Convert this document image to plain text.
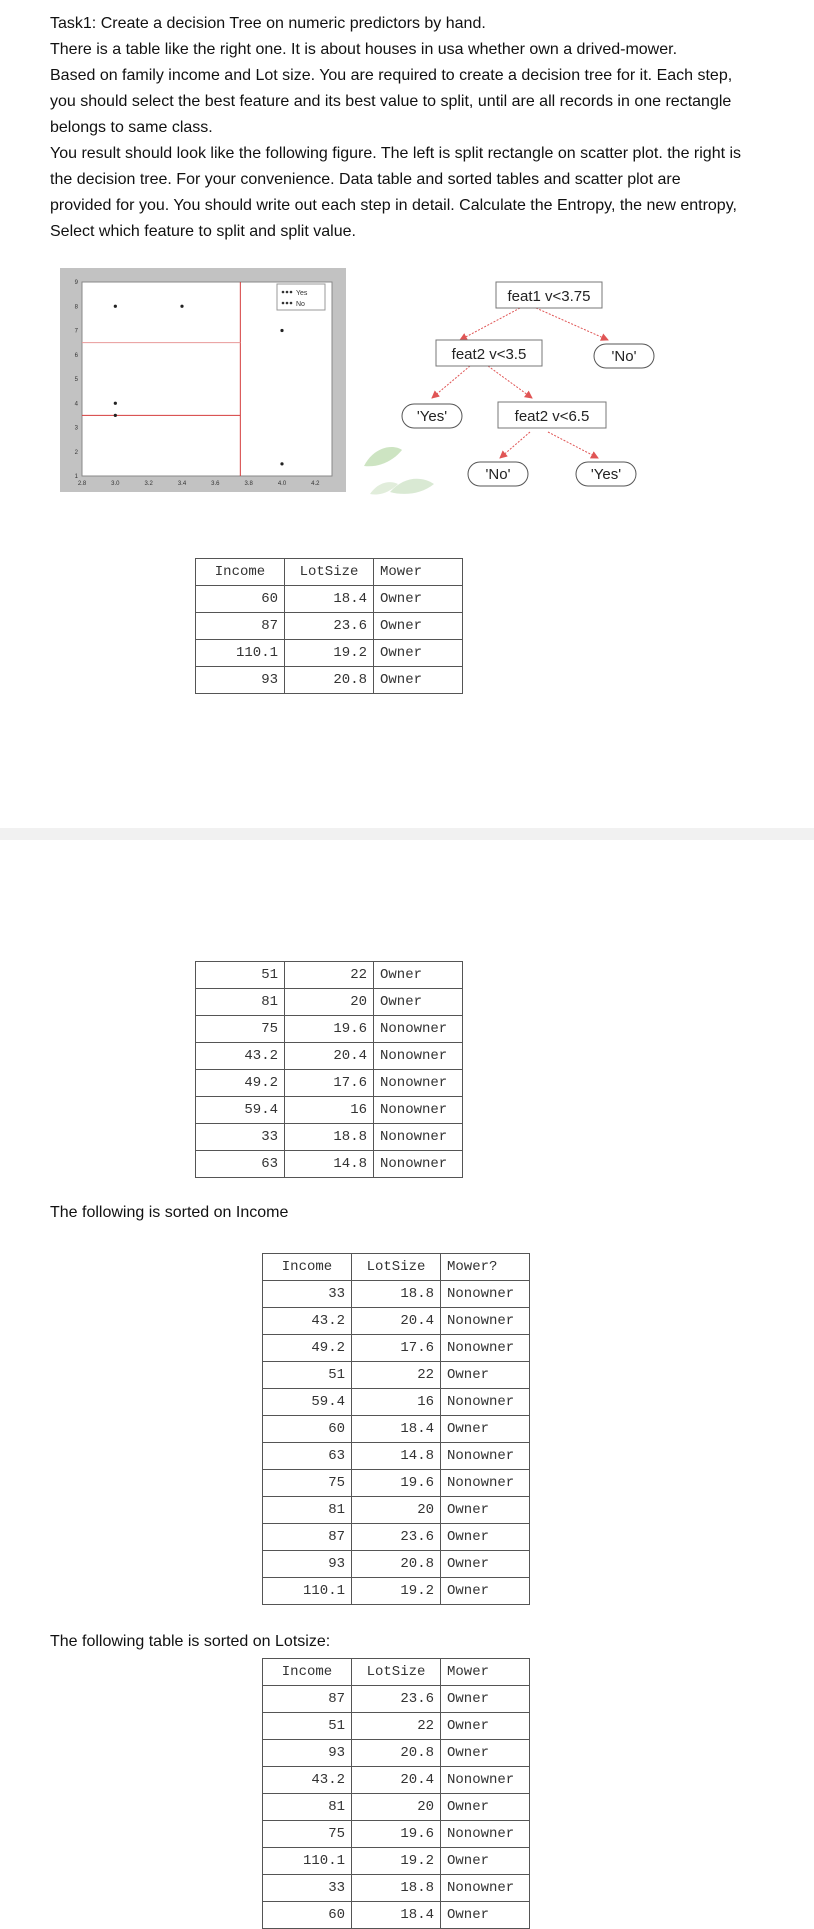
Task1: Create a decision Tree on numeric predictors by hand.

There is a table like the right one. It is about houses in usa whether own a drived-mower.

Based on family income and Lot size. You are required to create a decision tree for it. Each step, you should select the best feature and its best value to split, until are all records in one rectangle belongs to same class.

You result should look like the following figure. The left is split rectangle on scatter plot. the right is the decision tree. For your convenience. Data table and sorted tables and scatter plot are provided for you. You should write out each step in detail. Calculate the Entropy, the new entropy, Select which feature to split and split value.

2.8	3.0	3.2	3.4	3.6	3.8	4.0	4.2
1
2
3
4
5
6
7
8
9
Yes
No	feat1 v<3.75
feat2 v<3.5	'No'
'Yes'	feat2 v<6.5
'No'	'Yes'
Income	LotSize	Mower
60	18.4	Owner
87	23.6	Owner
110.1	19.2	Owner
93	20.8	Owner
51	22	Owner
81	20	Owner
75	19.6	Nonowner
43.2	20.4	Nonowner
49.2	17.6	Nonowner
59.4	16	Nonowner
33	18.8	Nonowner
63	14.8	Nonowner
The following is sorted on Income
Income	LotSize	Mower?
33	18.8	Nonowner
43.2	20.4	Nonowner
49.2	17.6	Nonowner
51	22	Owner
59.4	16	Nonowner
60	18.4	Owner
63	14.8	Nonowner
75	19.6	Nonowner
81	20	Owner
87	23.6	Owner
93	20.8	Owner
110.1	19.2	Owner
The following table is sorted on Lotsize:
Income	LotSize	Mower
87	23.6	Owner
51	22	Owner
93	20.8	Owner
43.2	20.4	Nonowner
81	20	Owner
75	19.6	Nonowner
110.1	19.2	Owner
33	18.8	Nonowner
60	18.4	Owner
